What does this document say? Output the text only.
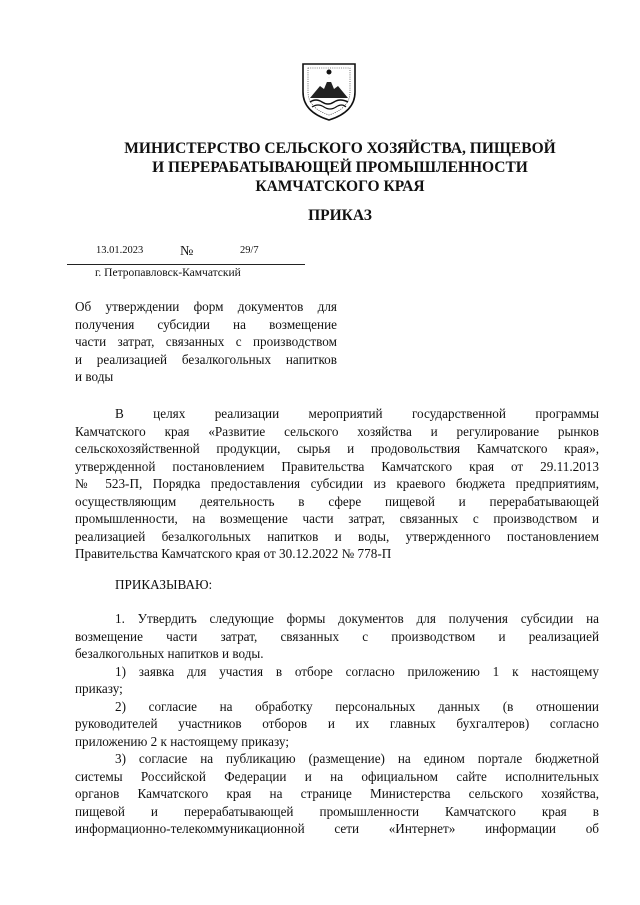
МИНИСТЕРСТВО СЕЛЬСКОГО ХОЗЯЙСТВА, ПИЩЕВОЙ
И ПЕРЕРАБАТЫВАЮЩЕЙ ПРОМЫШЛЕННОСТИ
КАМЧАТСКОГО КРАЯ
ПРИКАЗ
13.01.2023	№	29/7
г. Петропавловск-Камчатский
Об утверждении форм документов для
получения субсидии на возмещение
части затрат, связанных с производством
и реализацией безалкогольных напитков
и воды
В целях реализации мероприятий государственной программы
Камчатского края «Развитие сельского хозяйства и регулирование рынков
сельскохозяйственной продукции, сырья и продовольствия Камчатского края»,
утвержденной постановлением Правительства Камчатского края от 29.11.2013
№ 523-П, Порядка предоставления субсидии из краевого бюджета предприятиям,
осуществляющим деятельность в сфере пищевой и перерабатывающей
промышленности, на возмещение части затрат, связанных с производством и
реализацией безалкогольных напитков и воды, утвержденного постановлением
Правительства Камчатского края от 30.12.2022 № 778-П
ПРИКАЗЫВАЮ:
1. Утвердить следующие формы документов для получения субсидии на
возмещение части затрат, связанных с производством и реализацией
безалкогольных напитков и воды.
1) заявка для участия в отборе согласно приложению 1 к настоящему
приказу;
2) согласие на обработку персональных данных (в отношении
руководителей участников отборов и их главных бухгалтеров) согласно
приложению 2 к настоящему приказу;
3) согласие на публикацию (размещение) на едином портале бюджетной
системы Российской Федерации и на официальном сайте исполнительных
органов Камчатского края на странице Министерства сельского хозяйства,
пищевой и перерабатывающей промышленности Камчатского края в
информационно-телекоммуникационной сети «Интернет» информации об
